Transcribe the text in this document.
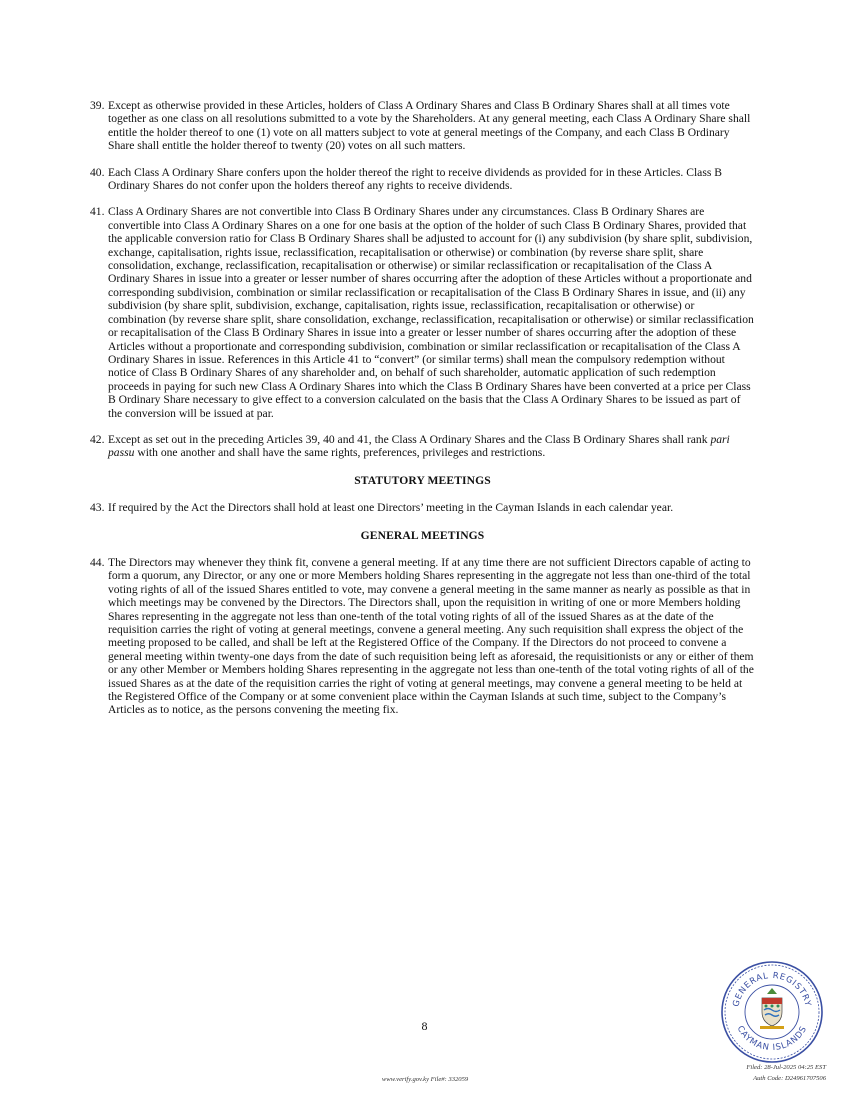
39. Except as otherwise provided in these Articles, holders of Class A Ordinary Shares and Class B Ordinary Shares shall at all times vote together as one class on all resolutions submitted to a vote by the Shareholders. At any general meeting, each Class A Ordinary Share shall entitle the holder thereof to one (1) vote on all matters subject to vote at general meetings of the Company, and each Class B Ordinary Share shall entitle the holder thereof to twenty (20) votes on all such matters.
40. Each Class A Ordinary Share confers upon the holder thereof the right to receive dividends as provided for in these Articles. Class B Ordinary Shares do not confer upon the holders thereof any rights to receive dividends.
41. Class A Ordinary Shares are not convertible into Class B Ordinary Shares under any circumstances. Class B Ordinary Shares are convertible into Class A Ordinary Shares on a one for one basis at the option of the holder of such Class B Ordinary Shares, provided that the applicable conversion ratio for Class B Ordinary Shares shall be adjusted to account for (i) any subdivision (by share split, subdivision, exchange, capitalisation, rights issue, reclassification, recapitalisation or otherwise) or combination (by reverse share split, share consolidation, exchange, reclassification, recapitalisation or otherwise) or similar reclassification or recapitalisation of the Class A Ordinary Shares in issue into a greater or lesser number of shares occurring after the adoption of these Articles without a proportionate and corresponding subdivision, combination or similar reclassification or recapitalisation of the Class B Ordinary Shares in issue, and (ii) any subdivision (by share split, subdivision, exchange, capitalisation, rights issue, reclassification, recapitalisation or otherwise) or combination (by reverse share split, share consolidation, exchange, reclassification, recapitalisation or otherwise) or similar reclassification or recapitalisation of the Class B Ordinary Shares in issue into a greater or lesser number of shares occurring after the adoption of these Articles without a proportionate and corresponding subdivision, combination or similar reclassification or recapitalisation of the Class A Ordinary Shares in issue. References in this Article 41 to “convert” (or similar terms) shall mean the compulsory redemption without notice of Class B Ordinary Shares of any shareholder and, on behalf of such shareholder, automatic application of such redemption proceeds in paying for such new Class A Ordinary Shares into which the Class B Ordinary Shares have been converted at a price per Class B Ordinary Share necessary to give effect to a conversion calculated on the basis that the Class A Ordinary Shares to be issued as part of the conversion will be issued at par.
42. Except as set out in the preceding Articles 39, 40 and 41, the Class A Ordinary Shares and the Class B Ordinary Shares shall rank pari passu with one another and shall have the same rights, preferences, privileges and restrictions.
STATUTORY MEETINGS
43. If required by the Act the Directors shall hold at least one Directors’ meeting in the Cayman Islands in each calendar year.
GENERAL MEETINGS
44. The Directors may whenever they think fit, convene a general meeting. If at any time there are not sufficient Directors capable of acting to form a quorum, any Director, or any one or more Members holding Shares representing in the aggregate not less than one-third of the total voting rights of all of the issued Shares entitled to vote, may convene a general meeting in the same manner as nearly as possible as that in which meetings may be convened by the Directors. The Directors shall, upon the requisition in writing of one or more Members holding Shares representing in the aggregate not less than one-tenth of the total voting rights of all of the issued Shares as at the date of the requisition carries the right of voting at general meetings, convene a general meeting. Any such requisition shall express the object of the meeting proposed to be called, and shall be left at the Registered Office of the Company. If the Directors do not proceed to convene a general meeting within twenty-one days from the date of such requisition being left as aforesaid, the requisitionists or any or either of them or any other Member or Members holding Shares representing in the aggregate not less than one-tenth of the total voting rights of all of the issued Shares as at the date of the requisition carries the right of voting at general meetings, may convene a general meeting to be held at the Registered Office of the Company or at some convenient place within the Cayman Islands at such time, subject to the Company’s Articles as to notice, as the persons convening the meeting fix.
8
www.verify.gov.ky File#: 332059
GENERAL REGISTRY
CAYMAN ISLANDS
Filed: 28-Jul-2025 04:25 EST
Auth Code: D24961707506
